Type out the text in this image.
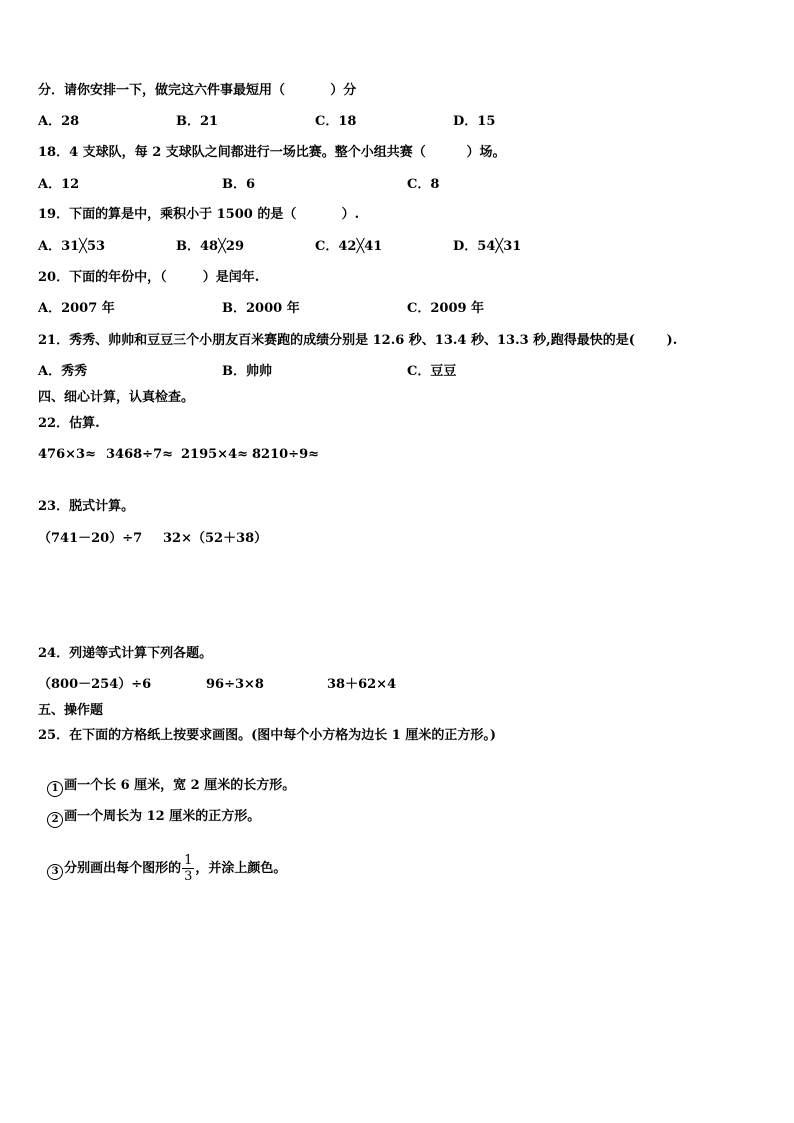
分．请你安排一下，做完这六件事最短用（          ）分
A．28	B．21	C．18	D．15
18．4 支球队，每 2 支球队之间都进行一场比赛。整个小组共赛（         ）场。
A．12	B．6	C．8
19．下面的算是中，乘积小于 1500 的是（          ）.
A．31╳53	B．48╳29	C．42╳41	D．54╳31
20．下面的年份中，（        ）是闰年.
A．2007 年	B．2000 年	C．2009 年
21．秀秀、帅帅和豆豆三个小朋友百米赛跑的成绩分别是 12.6 秒、13.4 秒、13.3 秒,跑得最快的是(       ).
A．秀秀	B．帅帅	C．豆豆
四、细心计算，认真检查。
22．估算.
476×3≈ 3468÷7≈ 2195×4≈ 8210÷9≈
23．脱式计算。
（741－20）÷7 32×（52＋38）
24．列递等式计算下列各题。
（800－254）÷6	96÷3×8	38＋62×4
五、操作题
25．在下面的方格纸上按要求画图。(图中每个小方格为边长 1 厘米的正方形。)

1 画一个长 6 厘米，宽 2 厘米的长方形。

2 画一个周长为 12 厘米的正方形。

3 分别画出每个图形的 $\frac{1}{3}$ ，并涂上颜色。
